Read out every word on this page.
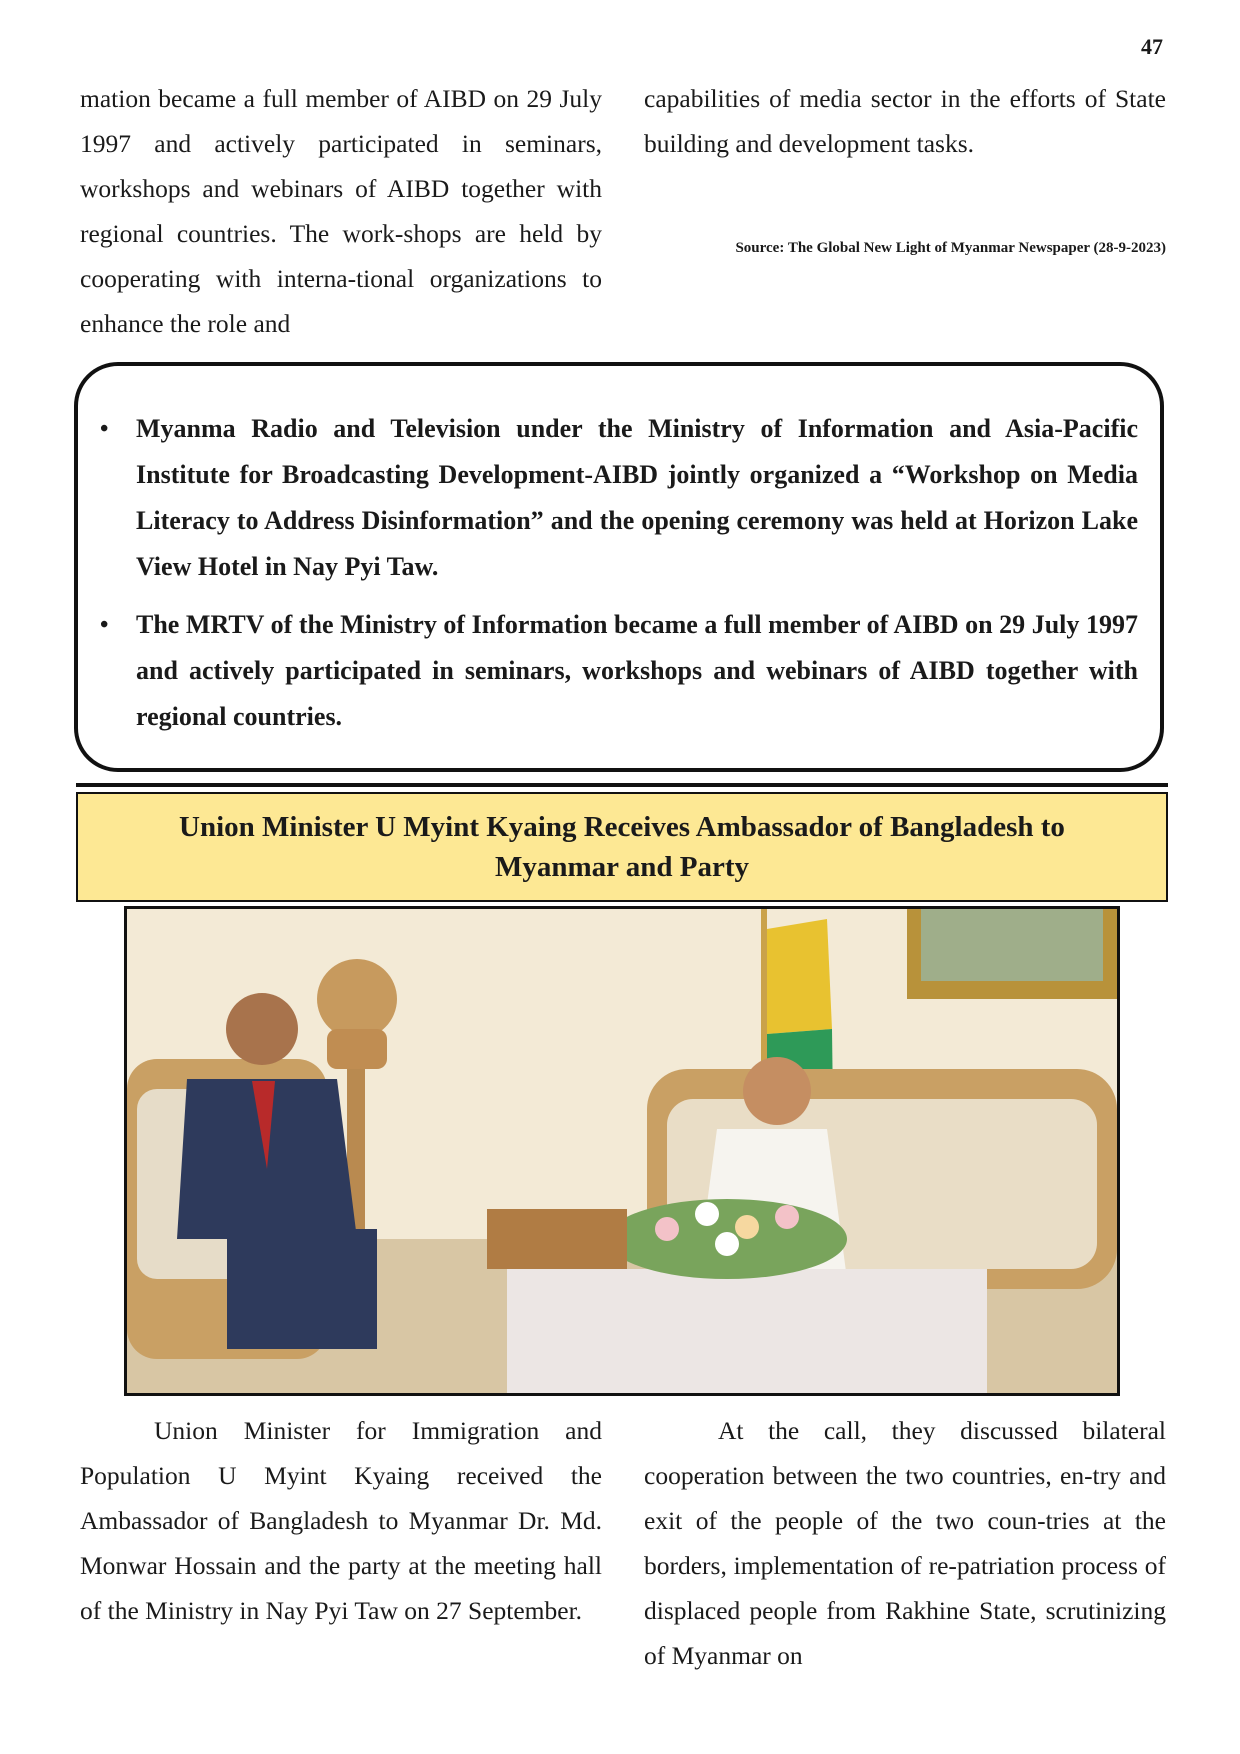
47

mation became a full member of AIBD on 29 July 1997 and actively participated in seminars, workshops and webinars of AIBD together with regional countries. The work-shops are held by cooperating with interna-tional organizations to enhance the role and

capabilities of media sector in the efforts of State building and development tasks.

Source: The Global New Light of Myanmar Newspaper (28-9-2023)
• Myanma Radio and Television under the Ministry of Information and Asia-Pacific Institute for Broadcasting Development-AIBD jointly organized a “Workshop on Media Literacy to Address Disinformation” and the opening ceremony was held at Horizon Lake View Hotel in Nay Pyi Taw.
• The MRTV of the Ministry of Information became a full member of AIBD on 29 July 1997 and actively participated in seminars, workshops and webinars of AIBD together with regional countries.
Union Minister U Myint Kyaing Receives Ambassador of Bangladesh to Myanmar and Party

Union Minister for Immigration and Population U Myint Kyaing received the Ambassador of Bangladesh to Myanmar Dr. Md. Monwar Hossain and the party at the meeting hall of the Ministry in Nay Pyi Taw on 27 September.

At the call, they discussed bilateral cooperation between the two countries, en-try and exit of the people of the two coun-tries at the borders, implementation of re-patriation process of displaced people from Rakhine State, scrutinizing of Myanmar on
